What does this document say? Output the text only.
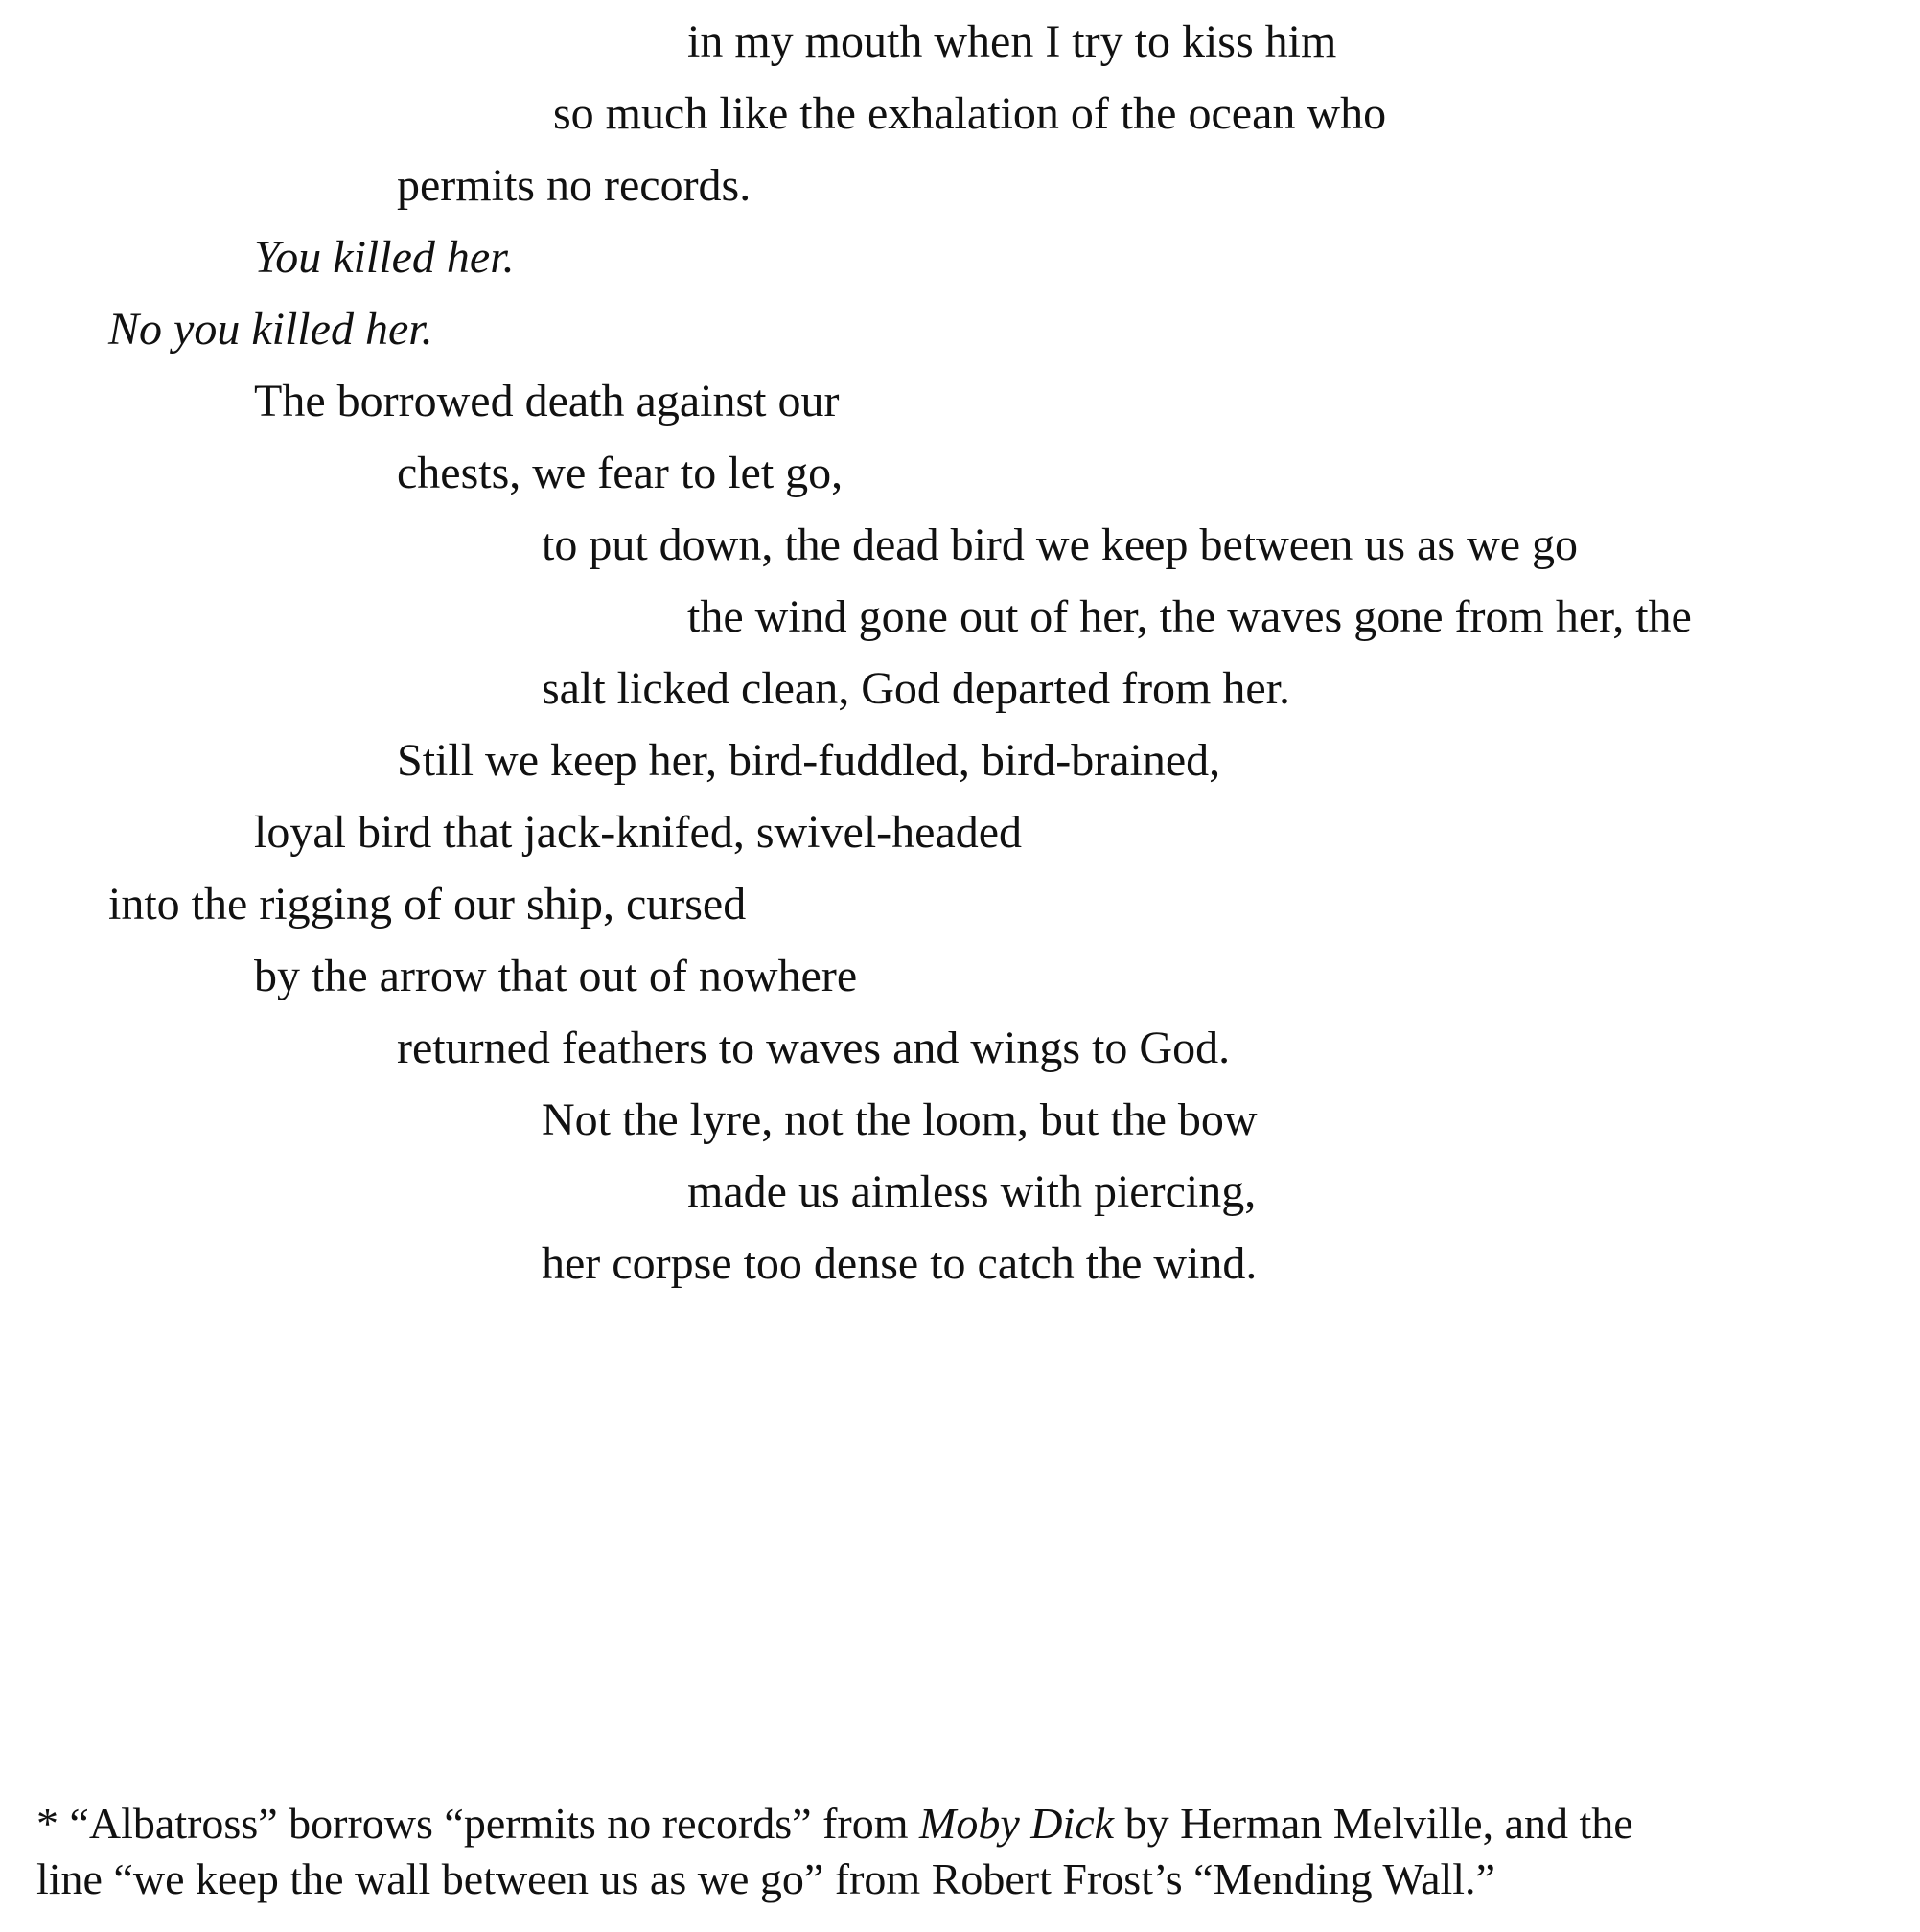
in my mouth when I try to kiss him
so much like the exhalation of the ocean who
permits no records.
You killed her.
No you killed her.
The borrowed death against our
chests, we fear to let go,
to put down, the dead bird we keep between us as we go
the wind gone out of her, the waves gone from her, the
salt licked clean, God departed from her.
Still we keep her, bird-fuddled, bird-brained,
loyal bird that jack-knifed, swivel-headed
into the rigging of our ship, cursed
by the arrow that out of nowhere
returned feathers to waves and wings to God.
Not the lyre, not the loom, but the bow
made us aimless with piercing,
her corpse too dense to catch the wind.
* “Albatross” borrows “permits no records” from Moby Dick by Herman Melville, and the
line “we keep the wall between us as we go” from Robert Frost’s “Mending Wall.”
